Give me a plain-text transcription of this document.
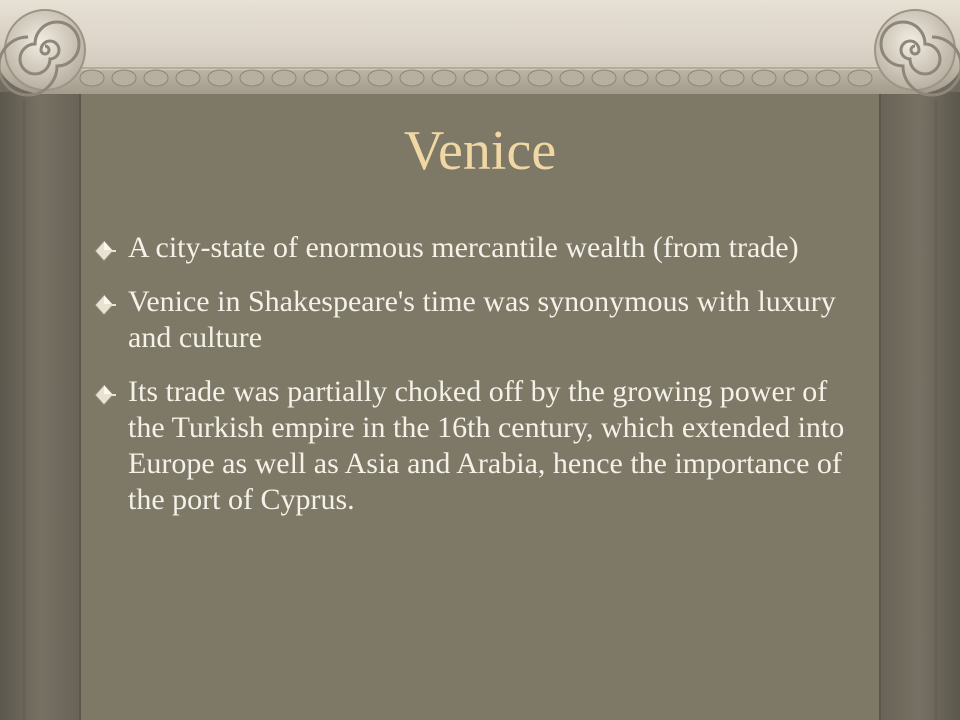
Venice
A city-state of enormous mercantile wealth (from trade)
Venice in Shakespeare's time was synonymous with luxury and culture
Its trade was partially choked off by the growing power of the Turkish empire in the 16th century, which extended into Europe as well as Asia and Arabia, hence the importance of the port of Cyprus.
